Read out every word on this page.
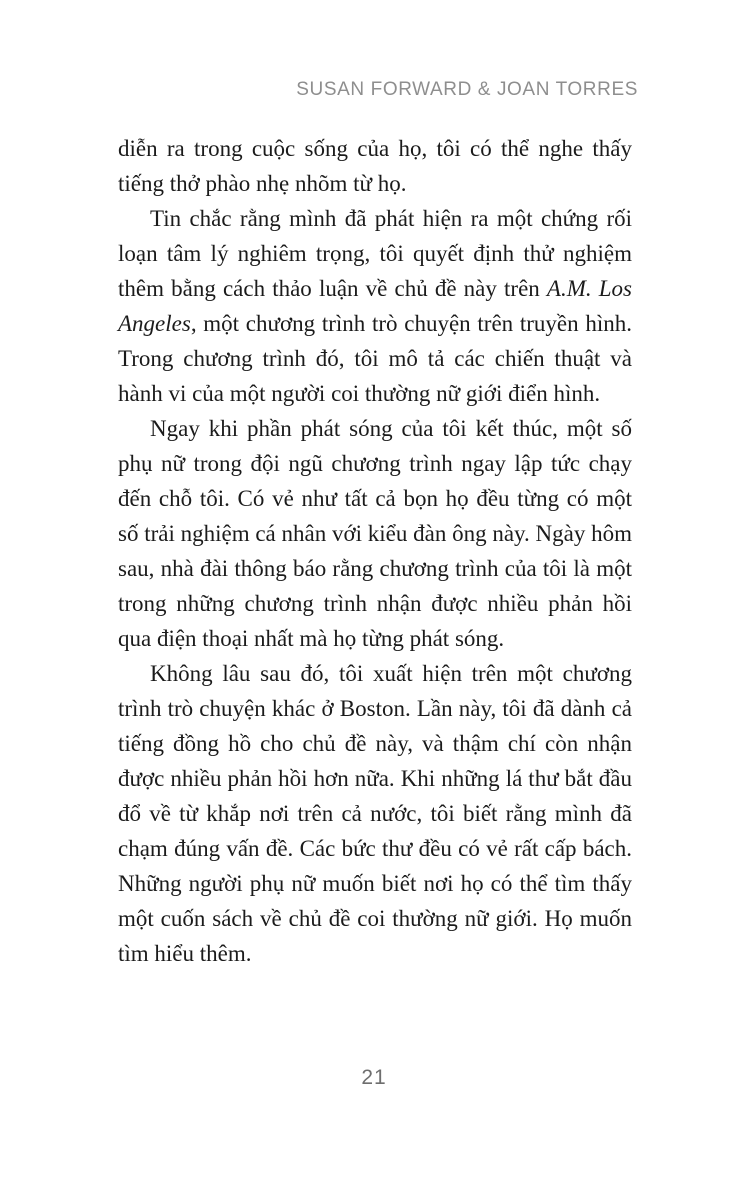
SUSAN FORWARD & JOAN TORRES

diễn ra trong cuộc sống của họ, tôi có thể nghe thấy tiếng thở phào nhẹ nhõm từ họ.

Tin chắc rằng mình đã phát hiện ra một chứng rối loạn tâm lý nghiêm trọng, tôi quyết định thử nghiệm thêm bằng cách thảo luận về chủ đề này trên A.M. Los Angeles, một chương trình trò chuyện trên truyền hình. Trong chương trình đó, tôi mô tả các chiến thuật và hành vi của một người coi thường nữ giới điển hình.

Ngay khi phần phát sóng của tôi kết thúc, một số phụ nữ trong đội ngũ chương trình ngay lập tức chạy đến chỗ tôi. Có vẻ như tất cả bọn họ đều từng có một số trải nghiệm cá nhân với kiểu đàn ông này. Ngày hôm sau, nhà đài thông báo rằng chương trình của tôi là một trong những chương trình nhận được nhiều phản hồi qua điện thoại nhất mà họ từng phát sóng.

Không lâu sau đó, tôi xuất hiện trên một chương trình trò chuyện khác ở Boston. Lần này, tôi đã dành cả tiếng đồng hồ cho chủ đề này, và thậm chí còn nhận được nhiều phản hồi hơn nữa. Khi những lá thư bắt đầu đổ về từ khắp nơi trên cả nước, tôi biết rằng mình đã chạm đúng vấn đề. Các bức thư đều có vẻ rất cấp bách. Những người phụ nữ muốn biết nơi họ có thể tìm thấy một cuốn sách về chủ đề coi thường nữ giới. Họ muốn tìm hiểu thêm.

21
